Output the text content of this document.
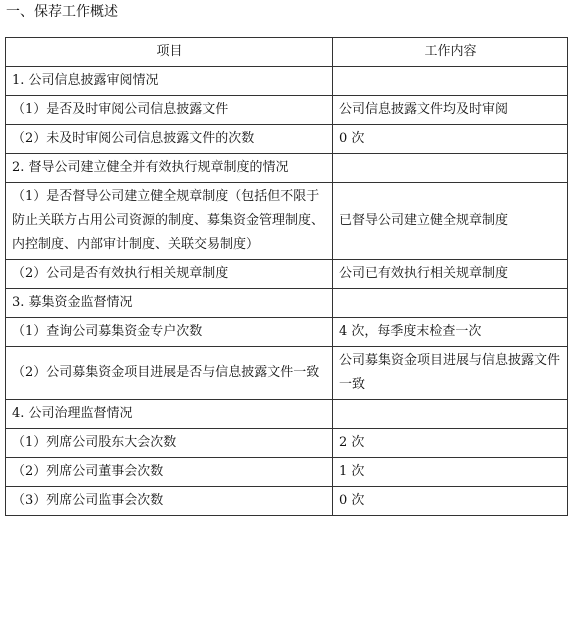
一、保荐工作概述
项目	工作内容

1. 公司信息披露审阅情况	

（1）是否及时审阅公司信息披露文件	公司信息披露文件均及时审阅

（2）未及时审阅公司信息披露文件的次数	0 次

2. 督导公司建立健全并有效执行规章制度的情况	

（1）是否督导公司建立健全规章制度（包括但不限于防止关联方占用公司资源的制度、募集资金管理制度、内控制度、内部审计制度、关联交易制度）	已督导公司建立健全规章制度

（2）公司是否有效执行相关规章制度	公司已有效执行相关规章制度

3. 募集资金监督情况	

（1）查询公司募集资金专户次数	4 次，每季度末检查一次

（2）公司募集资金项目进展是否与信息披露文件一致	公司募集资金项目进展与信息披露文件一致

4. 公司治理监督情况	

（1）列席公司股东大会次数	2 次

（2）列席公司董事会次数	1 次

（3）列席公司监事会次数	0 次
